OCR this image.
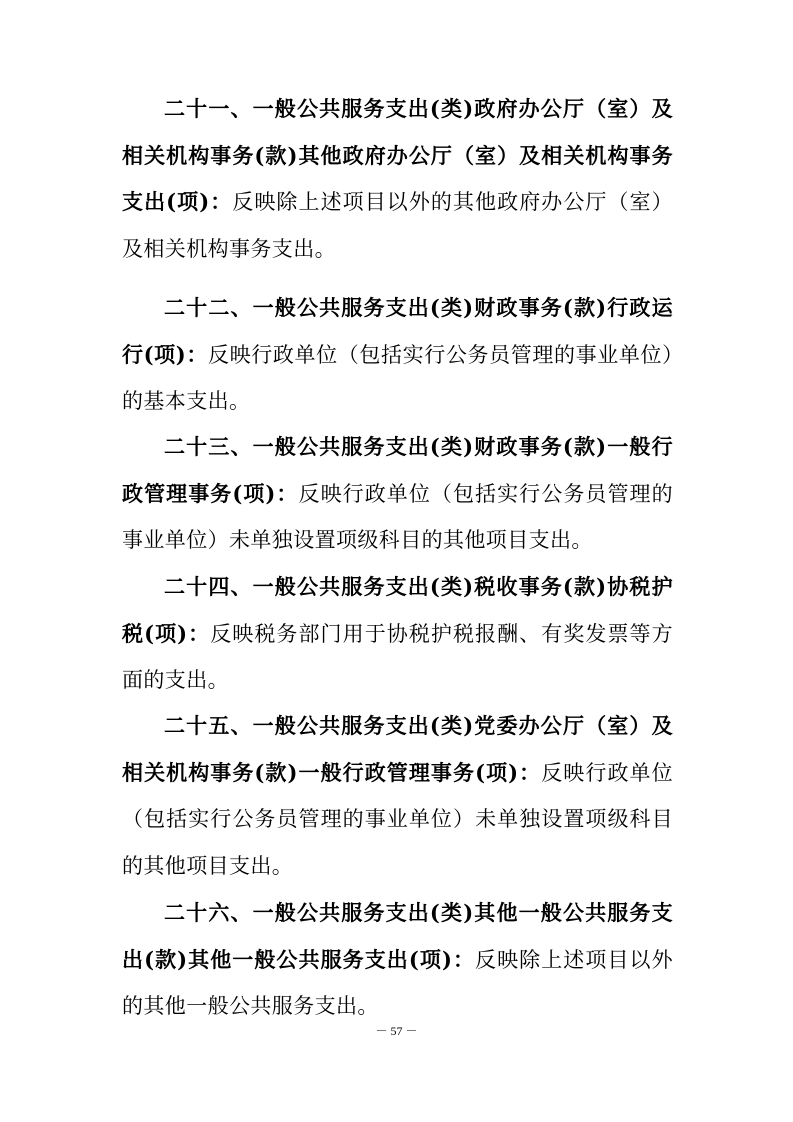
二十一、一般公共服务支出(类)政府办公厅（室）及相关机构事务(款)其他政府办公厅（室）及相关机构事务支出(项)：反映除上述项目以外的其他政府办公厅（室）及相关机构事务支出。

二十二、一般公共服务支出(类)财政事务(款)行政运行(项)：反映行政单位（包括实行公务员管理的事业单位）的基本支出。

二十三、一般公共服务支出(类)财政事务(款)一般行政管理事务(项)：反映行政单位（包括实行公务员管理的事业单位）未单独设置项级科目的其他项目支出。

二十四、一般公共服务支出(类)税收事务(款)协税护税(项)：反映税务部门用于协税护税报酬、有奖发票等方面的支出。

二十五、一般公共服务支出(类)党委办公厅（室）及相关机构事务(款)一般行政管理事务(项)：反映行政单位（包括实行公务员管理的事业单位）未单独设置项级科目的其他项目支出。

二十六、一般公共服务支出(类)其他一般公共服务支出(款)其他一般公共服务支出(项)：反映除上述项目以外的其他一般公共服务支出。

－ 57 －
